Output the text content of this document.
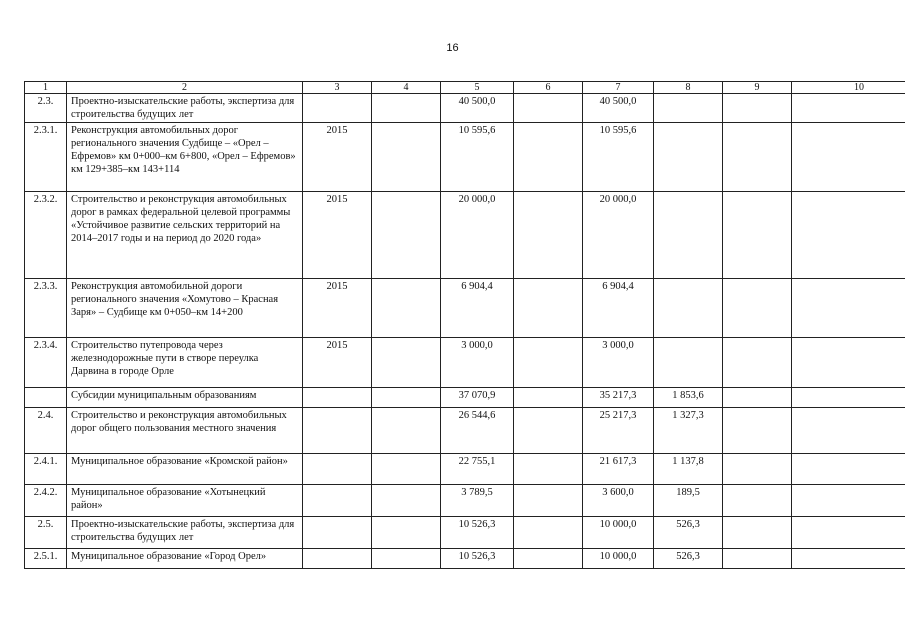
16
1	2	3	4	5	6	7	8	9	10
2.3.	Проектно-изыскательские работы, экспертиза для строительства будущих лет			40 500,0		40 500,0			
2.3.1.	Реконструкция автомобильных дорог регионального значения Судбище – «Орел – Ефремов» км 0+000–км 6+800, «Орел – Ефремов» км 129+385–км 143+114	2015		10 595,6		10 595,6			
2.3.2.	Строительство и реконструкция автомобильных дорог в рамках федеральной целевой программы «Устойчивое развитие сельских территорий на 2014–2017 годы и на период до 2020 года»	2015		20 000,0		20 000,0			
2.3.3.	Реконструкция автомобильной дороги регионального значения «Хомутово – Красная Заря» – Судбище км 0+050–км 14+200	2015		6 904,4		6 904,4			
2.3.4.	Строительство путепровода через железнодорожные пути в створе переулка Дарвина в городе Орле	2015		3 000,0		3 000,0			
	Субсидии муниципальным образованиям			37 070,9		35 217,3	1 853,6		
2.4.	Строительство и реконструкция автомобильных дорог общего пользования местного значения			26 544,6		25 217,3	1 327,3		
2.4.1.	Муниципальное образование «Кромской район»			22 755,1		21 617,3	1 137,8		
2.4.2.	Муниципальное образование «Хотынецкий район»			3 789,5		3 600,0	189,5		
2.5.	Проектно-изыскательские работы, экспертиза для строительства будущих лет			10 526,3		10 000,0	526,3		
2.5.1.	Муниципальное образование «Город Орел»			10 526,3		10 000,0	526,3		
